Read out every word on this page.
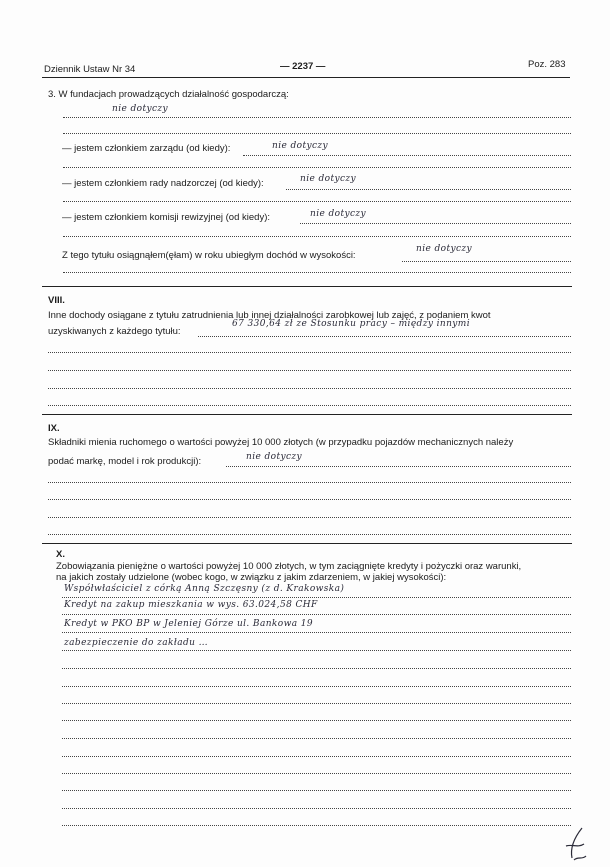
Dziennik Ustaw Nr 34	— 2237 —	Poz. 283
3. W fundacjach prowadzących działalność gospodarczą:
nie dotyczy
— jestem członkiem zarządu (od kiedy):	nie dotyczy
— jestem członkiem rady nadzorczej (od kiedy):	nie dotyczy
— jestem członkiem komisji rewizyjnej (od kiedy):	nie dotyczy
Z tego tytułu osiągnąłem(ęłam) w roku ubiegłym dochód w wysokości:
nie dotyczy
VIII.
Inne dochody osiągane z tytułu zatrudnienia lub innej działalności zarobkowej lub zajęć, z podaniem kwot
uzyskiwanych z każdego tytułu:
67 330,64 zł ze Stosunku pracy – między innymi
IX.
Składniki mienia ruchomego o wartości powyżej 10 000 złotych (w przypadku pojazdów mechanicznych należy
podać markę, model i rok produkcji):	nie dotyczy
X.
Zobowiązania pieniężne o wartości powyżej 10 000 złotych, w tym zaciągnięte kredyty i pożyczki oraz warunki,
na jakich zostały udzielone (wobec kogo, w związku z jakim zdarzeniem, w jakiej wysokości):
Współwłaściciel z córką Anną Szczęsny (z d. Krakowska)
Kredyt na zakup mieszkania w wys. 63.024,58 CHF
Kredyt w PKO BP w Jeleniej Górze ul. Bankowa 19
zabezpieczenie do zakładu …
